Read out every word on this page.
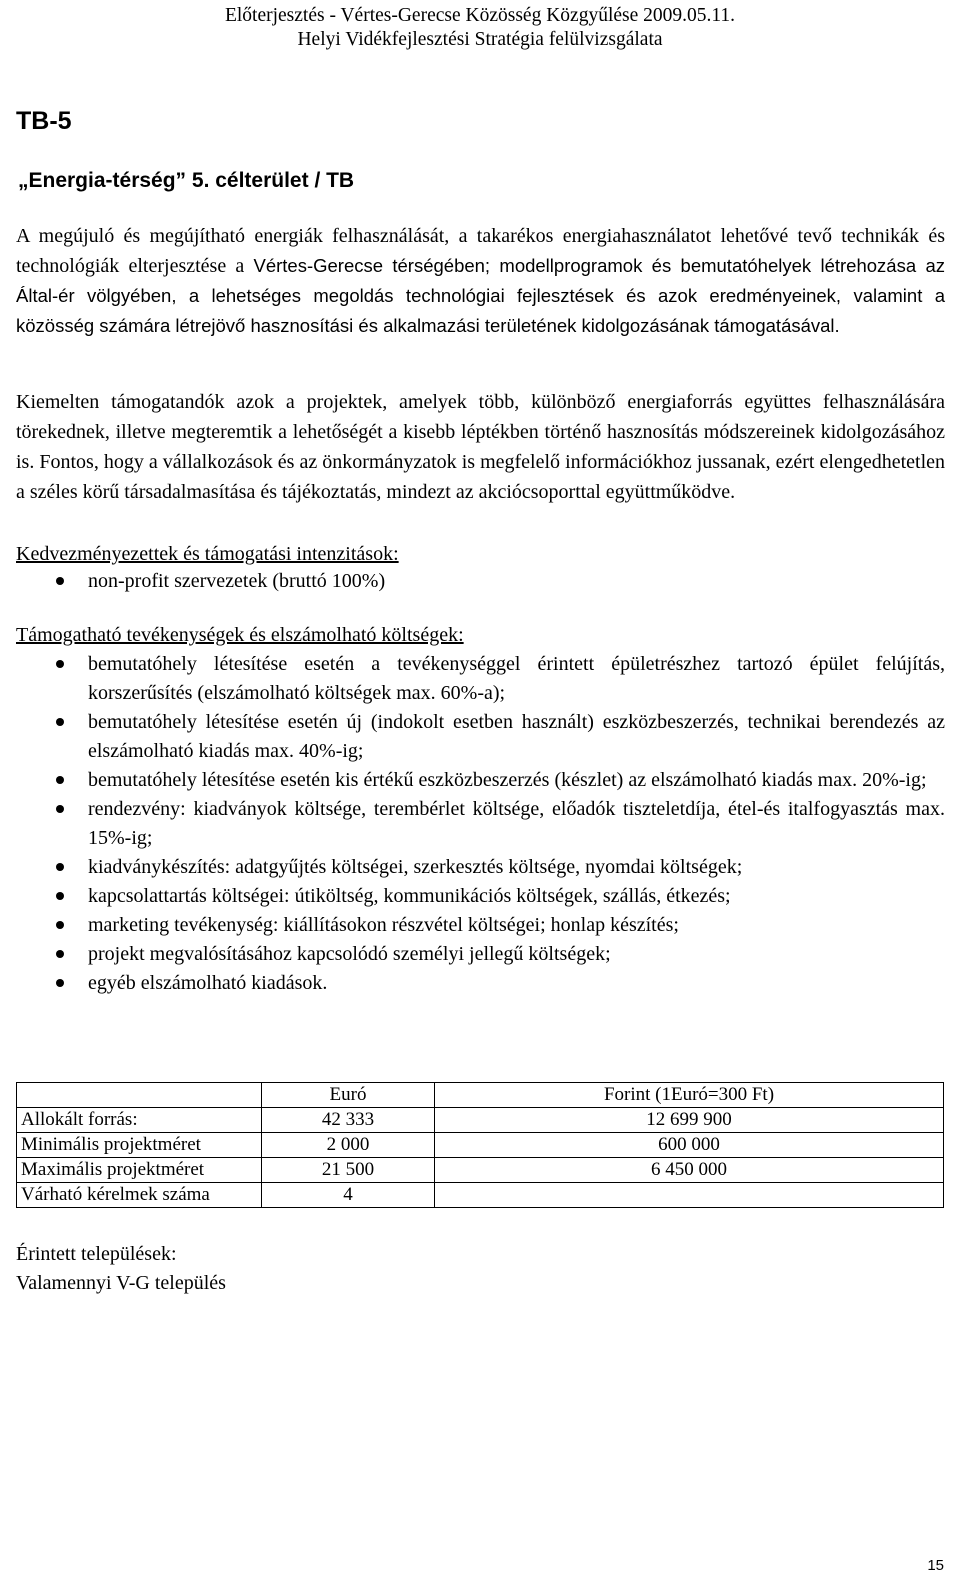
Előterjesztés - Vértes-Gerecse Közösség Közgyűlése 2009.05.11.
Helyi Vidékfejlesztési Stratégia felülvizsgálata
TB-5
„Energia-térség” 5. célterület / TB
A megújuló és megújítható energiák felhasználását, a takarékos energiahasználatot lehetővé tevő technikák és technológiák elterjesztése a Vértes-Gerecse térségében; modellprogramok és bemutatóhelyek létrehozása az Által-ér völgyében, a lehetséges megoldás technológiai fejlesztések és azok eredményeinek, valamint a közösség számára létrejövő hasznosítási és alkalmazási területének kidolgozásának támogatásával.
Kiemelten támogatandók azok a projektek, amelyek több, különböző energiaforrás együttes felhasználására törekednek, illetve megteremtik a lehetőségét a kisebb léptékben történő hasznosítás módszereinek kidolgozásához is. Fontos, hogy a vállalkozások és az önkormányzatok is megfelelő információkhoz jussanak, ezért elengedhetetlen a széles körű társadalmasítása és tájékoztatás, mindezt az akciócsoporttal együttműködve.
Kedvezményezettek és támogatási intenzitások:
non-profit szervezetek (bruttó 100%)
Támogatható tevékenységek és elszámolható költségek:
bemutatóhely létesítése esetén a tevékenységgel érintett épületrészhez tartozó épület felújítás, korszerűsítés (elszámolható költségek max. 60%-a);
bemutatóhely létesítése esetén új (indokolt esetben használt) eszközbeszerzés, technikai berendezés az elszámolható kiadás max. 40%-ig;
bemutatóhely létesítése esetén kis értékű eszközbeszerzés (készlet) az elszámolható kiadás max. 20%-ig;
rendezvény: kiadványok költsége, terembérlet költsége, előadók tiszteletdíja, étel-és italfogyasztás max. 15%-ig;
kiadványkészítés: adatgyűjtés költségei, szerkesztés költsége, nyomdai költségek;
kapcsolattartás költségei: útiköltség, kommunikációs költségek, szállás, étkezés;
marketing tevékenység: kiállításokon részvétel költségei; honlap készítés;
projekt megvalósításához kapcsolódó személyi jellegű költségek;
egyéb elszámolható kiadások.
	Euró	Forint (1Euró=300 Ft)
Allokált forrás:	42 333	12 699 900
Minimális projektméret	2 000	600 000
Maximális projektméret	21 500	6 450 000
Várható kérelmek száma	4	
Érintett települések:
Valamennyi V-G település
15
